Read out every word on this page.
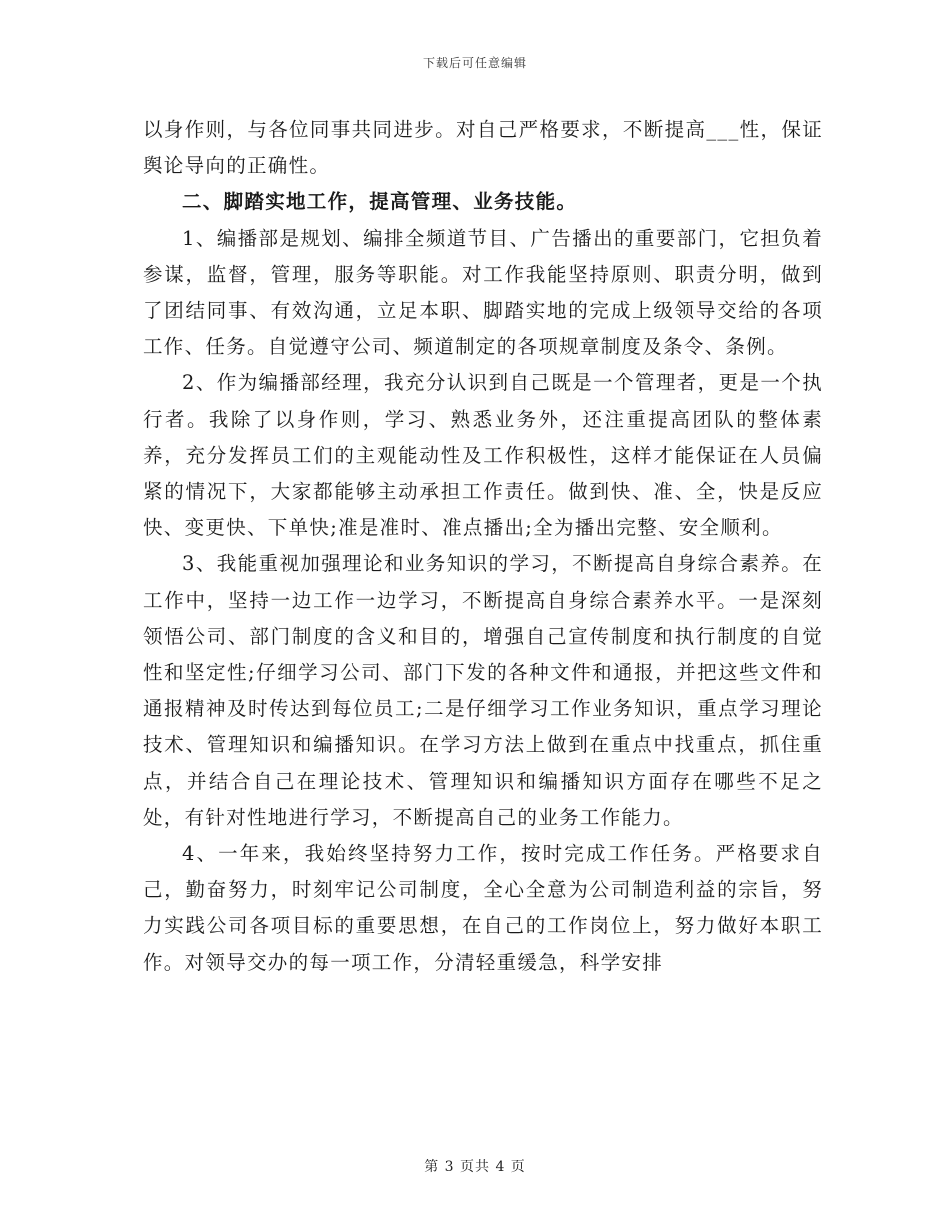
下载后可任意编辑

以身作则，与各位同事共同进步。对自己严格要求，不断提高___性，保证舆论导向的正确性。

二、脚踏实地工作，提高管理、业务技能。

1、编播部是规划、编排全频道节目、广告播出的重要部门，它担负着参谋，监督，管理，服务等职能。对工作我能坚持原则、职责分明，做到了团结同事、有效沟通，立足本职、脚踏实地的完成上级领导交给的各项工作、任务。自觉遵守公司、频道制定的各项规章制度及条令、条例。

2、作为编播部经理，我充分认识到自己既是一个管理者，更是一个执行者。我除了以身作则，学习、熟悉业务外，还注重提高团队的整体素养，充分发挥员工们的主观能动性及工作积极性，这样才能保证在人员偏紧的情况下，大家都能够主动承担工作责任。做到快、准、全，快是反应快、变更快、下单快;准是准时、准点播出;全为播出完整、安全顺利。

3、我能重视加强理论和业务知识的学习，不断提高自身综合素养。在工作中，坚持一边工作一边学习，不断提高自身综合素养水平。一是深刻领悟公司、部门制度的含义和目的，增强自己宣传制度和执行制度的自觉性和坚定性;仔细学习公司、部门下发的各种文件和通报，并把这些文件和通报精神及时传达到每位员工;二是仔细学习工作业务知识，重点学习理论技术、管理知识和编播知识。在学习方法上做到在重点中找重点，抓住重点，并结合自己在理论技术、管理知识和编播知识方面存在哪些不足之处，有针对性地进行学习，不断提高自己的业务工作能力。

4、一年来，我始终坚持努力工作，按时完成工作任务。严格要求自己，勤奋努力，时刻牢记公司制度，全心全意为公司制造利益的宗旨，努力实践公司各项目标的重要思想，在自己的工作岗位上，努力做好本职工作。对领导交办的每一项工作，分清轻重缓急，科学安排

第 3 页共 4 页
